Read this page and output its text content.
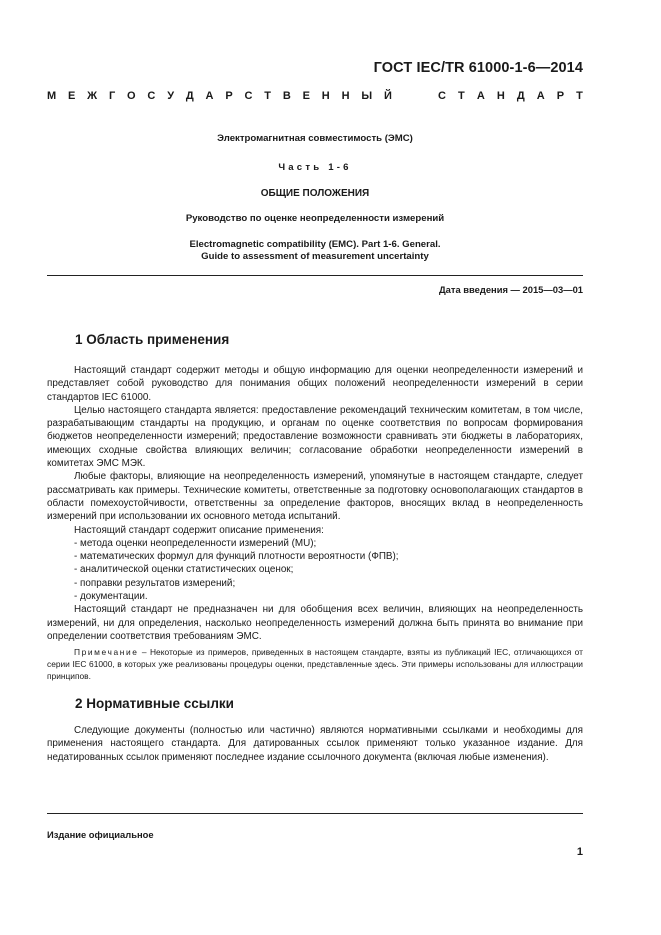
ГОСТ IEC/TR 61000-1-6—2014
М Е Ж Г О С У Д А Р С Т В Е Н Н Ы Й	С Т А Н Д А Р Т
Электромагнитная совместимость (ЭМС)
Часть 1-6
ОБЩИЕ ПОЛОЖЕНИЯ
Руководство по оценке неопределенности измерений
Electromagnetic compatibility (EMC). Part 1-6. General.
Guide to assessment of measurement uncertainty
Дата введения — 2015—03—01
1 Область применения

Настоящий стандарт содержит методы и общую информацию для оценки неопределенности измерений и представляет собой руководство для понимания общих положений неопределенности измерений в серии стандартов IEC 61000.

Целью настоящего стандарта является: предоставление рекомендаций техническим комитетам, в том числе, разрабатывающим стандарты на продукцию, и органам по оценке соответствия по вопросам формирования бюджетов неопределенности измерений; предоставление возможности сравнивать эти бюджеты в лабораториях, имеющих сходные свойства влияющих величин; согласование обработки неопределенности измерений в комитетах ЭМС МЭК.

Любые факторы, влияющие на неопределенность измерений, упомянутые в настоящем стандарте, следует рассматривать как примеры. Технические комитеты, ответственные за подготовку основополагающих стандартов в области помехоустойчивости, ответственны за определение факторов, вносящих вклад в неопределенность измерений при использовании их основного метода испытаний.

Настоящий стандарт содержит описание применения:

- метода оценки неопределенности измерений (MU);
- математических формул для функций плотности вероятности (ФПВ);
- аналитической оценки статистических оценок;
- поправки результатов измерений;
- документации.

Настоящий стандарт не предназначен ни для обобщения всех величин, влияющих на неопределенность измерений, ни для определения, насколько неопределенность измерений должна быть принята во внимание при определении соответствия требованиям ЭМС.

Примечание – Некоторые из примеров, приведенных в настоящем стандарте, взяты из публикаций IEC, отличающихся от серии IEC 61000, в которых уже реализованы процедуры оценки, представленные здесь. Эти примеры использованы для иллюстрации принципов.

2 Нормативные ссылки

Следующие документы (полностью или частично) являются нормативными ссылками и необходимы для применения настоящего стандарта. Для датированных ссылок применяют только указанное издание. Для недатированных ссылок применяют последнее издание ссылочного документа (включая любые изменения).

Издание официальное
1
